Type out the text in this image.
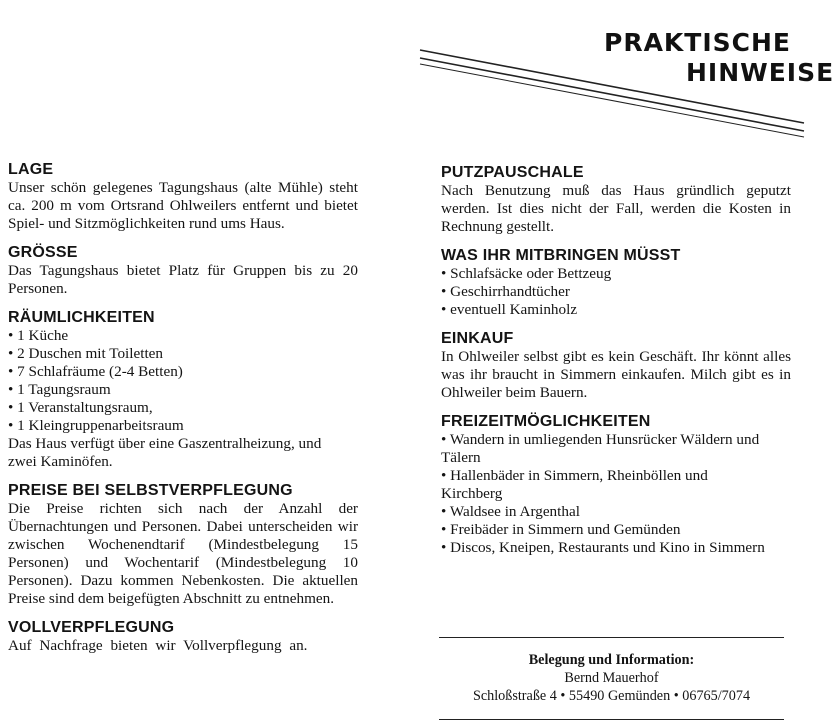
PRAKTISCHE
HINWEISE

LAGE

Unser schön gelegenes Tagungshaus (alte Mühle) steht ca. 200 m vom Ortsrand Ohlweilers entfernt und bietet Spiel- und Sitzmöglichkeiten rund ums Haus.

GRÖSSE

Das Tagungshaus bietet Platz für Gruppen bis zu 20 Personen.

RÄUMLICHKEITEN

• 1 Küche
• 2 Duschen mit Toiletten
• 7 Schlafräume (2-4 Betten)
• 1 Tagungsraum
• 1 Veranstaltungsraum,
• 1 Kleingruppenarbeitsraum

Das Haus verfügt über eine Gaszentralheizung, und zwei Kaminöfen.

PREISE BEI SELBSTVERPFLEGUNG

Die Preise richten sich nach der Anzahl der Übernachtungen und Personen. Dabei unterscheiden wir zwischen Wochenendtarif (Mindestbelegung 15 Personen) und Wochentarif (Mindestbelegung 10 Personen). Dazu kommen Nebenkosten. Die aktuellen Preise sind dem beigefügten Abschnitt zu entnehmen.

VOLLVERPFLEGUNG

Auf Nachfrage bieten wir Vollverpflegung an.

PUTZPAUSCHALE

Nach Benutzung muß das Haus gründlich geputzt werden. Ist dies nicht der Fall, werden die Kosten in Rechnung gestellt.

WAS IHR MITBRINGEN MÜSST

• Schlafsäcke oder Bettzeug
• Geschirrhandtücher
• eventuell Kaminholz

EINKAUF

In Ohlweiler selbst gibt es kein Geschäft. Ihr könnt alles was ihr braucht in Simmern einkaufen. Milch gibt es in Ohlweiler beim Bauern.

FREIZEITMÖGLICHKEITEN

• Wandern in umliegenden Hunsrücker Wäldern und Tälern
• Hallenbäder in Simmern, Rheinböllen und Kirchberg
• Waldsee in Argenthal
• Freibäder in Simmern und Gemünden
• Discos, Kneipen, Restaurants und Kino in Simmern
Belegung und Information:
Bernd Mauerhof
Schloßstraße 4 • 55490 Gemünden • 06765/7074
